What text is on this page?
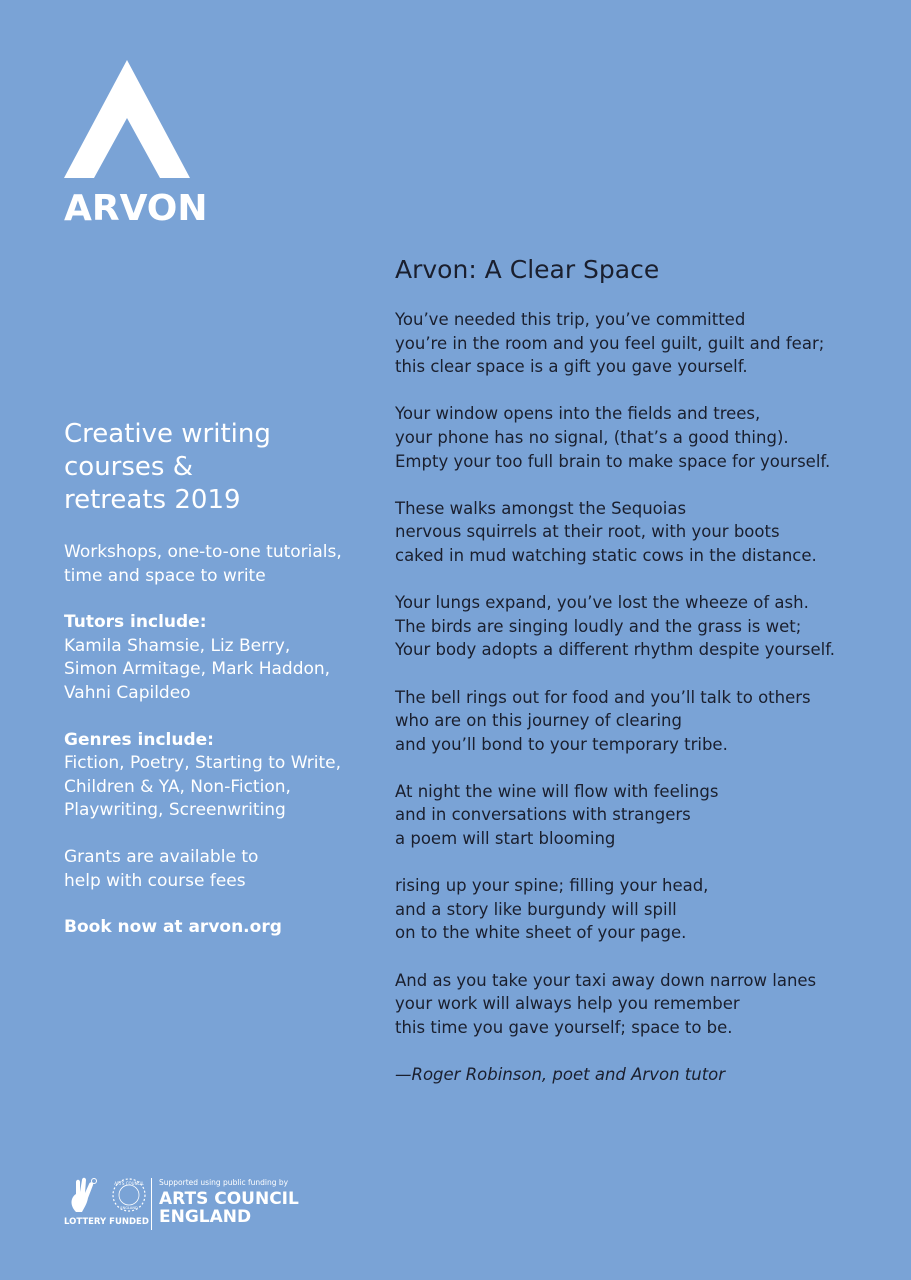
ARVON
Creative writing
courses &
retreats 2019
Workshops, one-to-one tutorials,
time and space to write
Tutors include:
Kamila Shamsie, Liz Berry,
Simon Armitage, Mark Haddon,
Vahni Capildeo
Genres include:
Fiction, Poetry, Starting to Write,
Children & YA, Non-Fiction,
Playwriting, Screenwriting
Grants are available to
help with course fees
Book now at arvon.org
Arvon: A Clear Space
You’ve needed this trip, you’ve committed
you’re in the room and you feel guilt, guilt and fear;
this clear space is a gift you gave yourself.
Your window opens into the fields and trees,
your phone has no signal, (that’s a good thing).
Empty your too full brain to make space for yourself.
These walks amongst the Sequoias
nervous squirrels at their root, with your boots
caked in mud watching static cows in the distance.
Your lungs expand, you’ve lost the wheeze of ash.
The birds are singing loudly and the grass is wet;
Your body adopts a different rhythm despite yourself.
The bell rings out for food and you’ll talk to others
who are on this journey of clearing
and you’ll bond to your temporary tribe.
At night the wine will flow with feelings
and in conversations with strangers
a poem will start blooming
rising up your spine; filling your head,
and a story like burgundy will spill
on to the white sheet of your page.
And as you take your taxi away down narrow lanes
your work will always help you remember
this time you gave yourself; space to be.
—Roger Robinson, poet and Arvon tutor
ARTS COUNCIL
ENGLAND
LOTTERY FUNDED
Supported using public funding by
ARTS COUNCIL
ENGLAND
